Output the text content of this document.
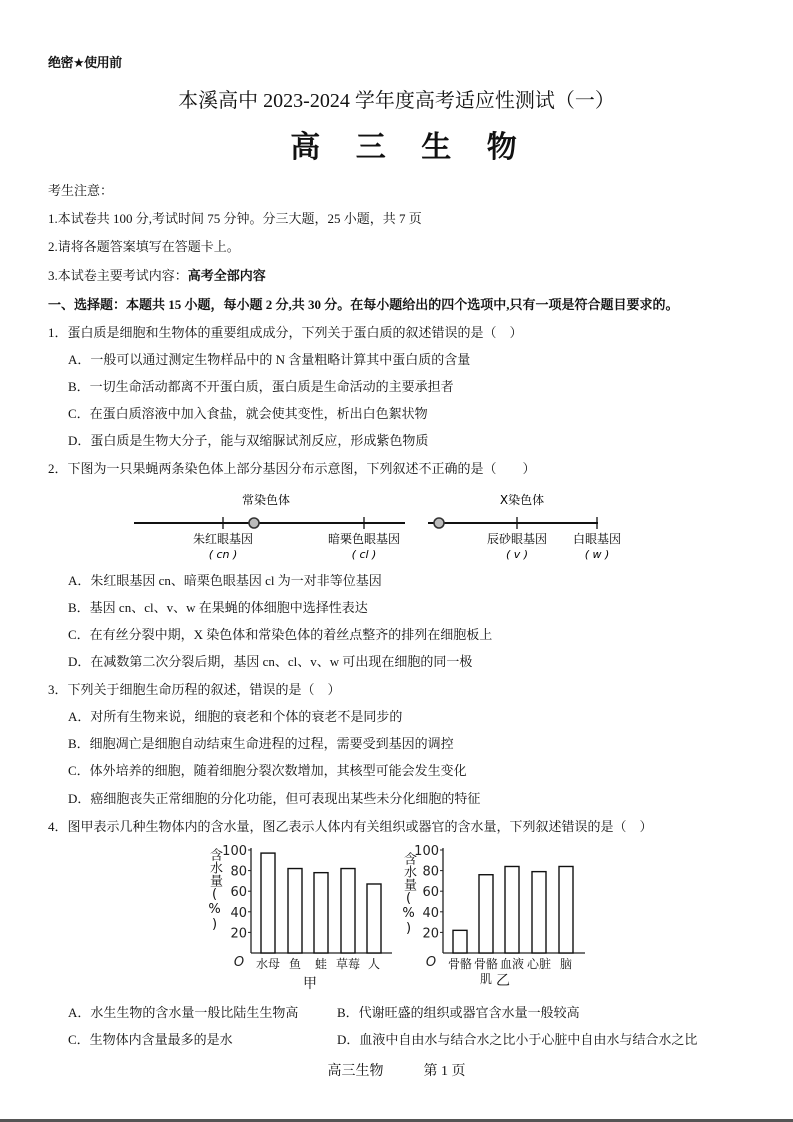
绝密★使用前
本溪高中 2023-2024 学年度高考适应性测试（一）
高 三 生 物
考生注意：
1.本试卷共 100 分,考试时间 75 分钟。分三大题，25 小题，共 7 页
2.请将各题答案填写在答题卡上。
3.本试卷主要考试内容：高考全部内容
一、选择题：本题共 15 小题，每小题 2 分,共 30 分。在每小题给出的四个选项中,只有一项是符合题目要求的。
1．蛋白质是细胞和生物体的重要组成成分，下列关于蛋白质的叙述错误的是（　）
A．一般可以通过测定生物样品中的 N 含量粗略计算其中蛋白质的含量
B．一切生命活动都离不开蛋白质，蛋白质是生命活动的主要承担者
C．在蛋白质溶液中加入食盐，就会使其变性，析出白色絮状物
D．蛋白质是生物大分子，能与双缩脲试剂反应，形成紫色物质
2．下图为一只果蝇两条染色体上部分基因分布示意图，下列叙述不正确的是（　　）
常染色体
朱红眼基因
( cn )
暗栗色眼基因
( cl )
X染色体
辰砂眼基因
( v )
白眼基因
( w )
A．朱红眼基因 cn、暗栗色眼基因 cl 为一对非等位基因
B．基因 cn、cl、v、w 在果蝇的体细胞中选择性表达
C．在有丝分裂中期，X 染色体和常染色体的着丝点整齐的排列在细胞板上
D．在减数第二次分裂后期，基因 cn、cl、v、w 可出现在细胞的同一极
3．下列关于细胞生命历程的叙述，错误的是（　）
A．对所有生物来说，细胞的衰老和个体的衰老不是同步的
B．细胞凋亡是细胞自动结束生命进程的过程，需要受到基因的调控
C．体外培养的细胞，随着细胞分裂次数增加，其核型可能会发生变化
D．癌细胞丧失正常细胞的分化功能，但可表现出某些未分化细胞的特征
4．图甲表示几种生物体内的含水量，图乙表示人体内有关组织或器官的含水量，下列叙述错误的是（　）
含水量(%)
20
40
60
80
100
O 水母 鱼 蛙 草莓 人
甲
含水量(%) 20
40
60
80
100
O 骨骼 骨骼
肌
血液 心脏 脑
乙
A．水生生物的含水量一般比陆生生物高	B．代谢旺盛的组织或器官含水量一般较高
C．生物体内含量最多的是水	D．血液中自由水与结合水之比小于心脏中自由水与结合水之比
高三生物	第 1 页
